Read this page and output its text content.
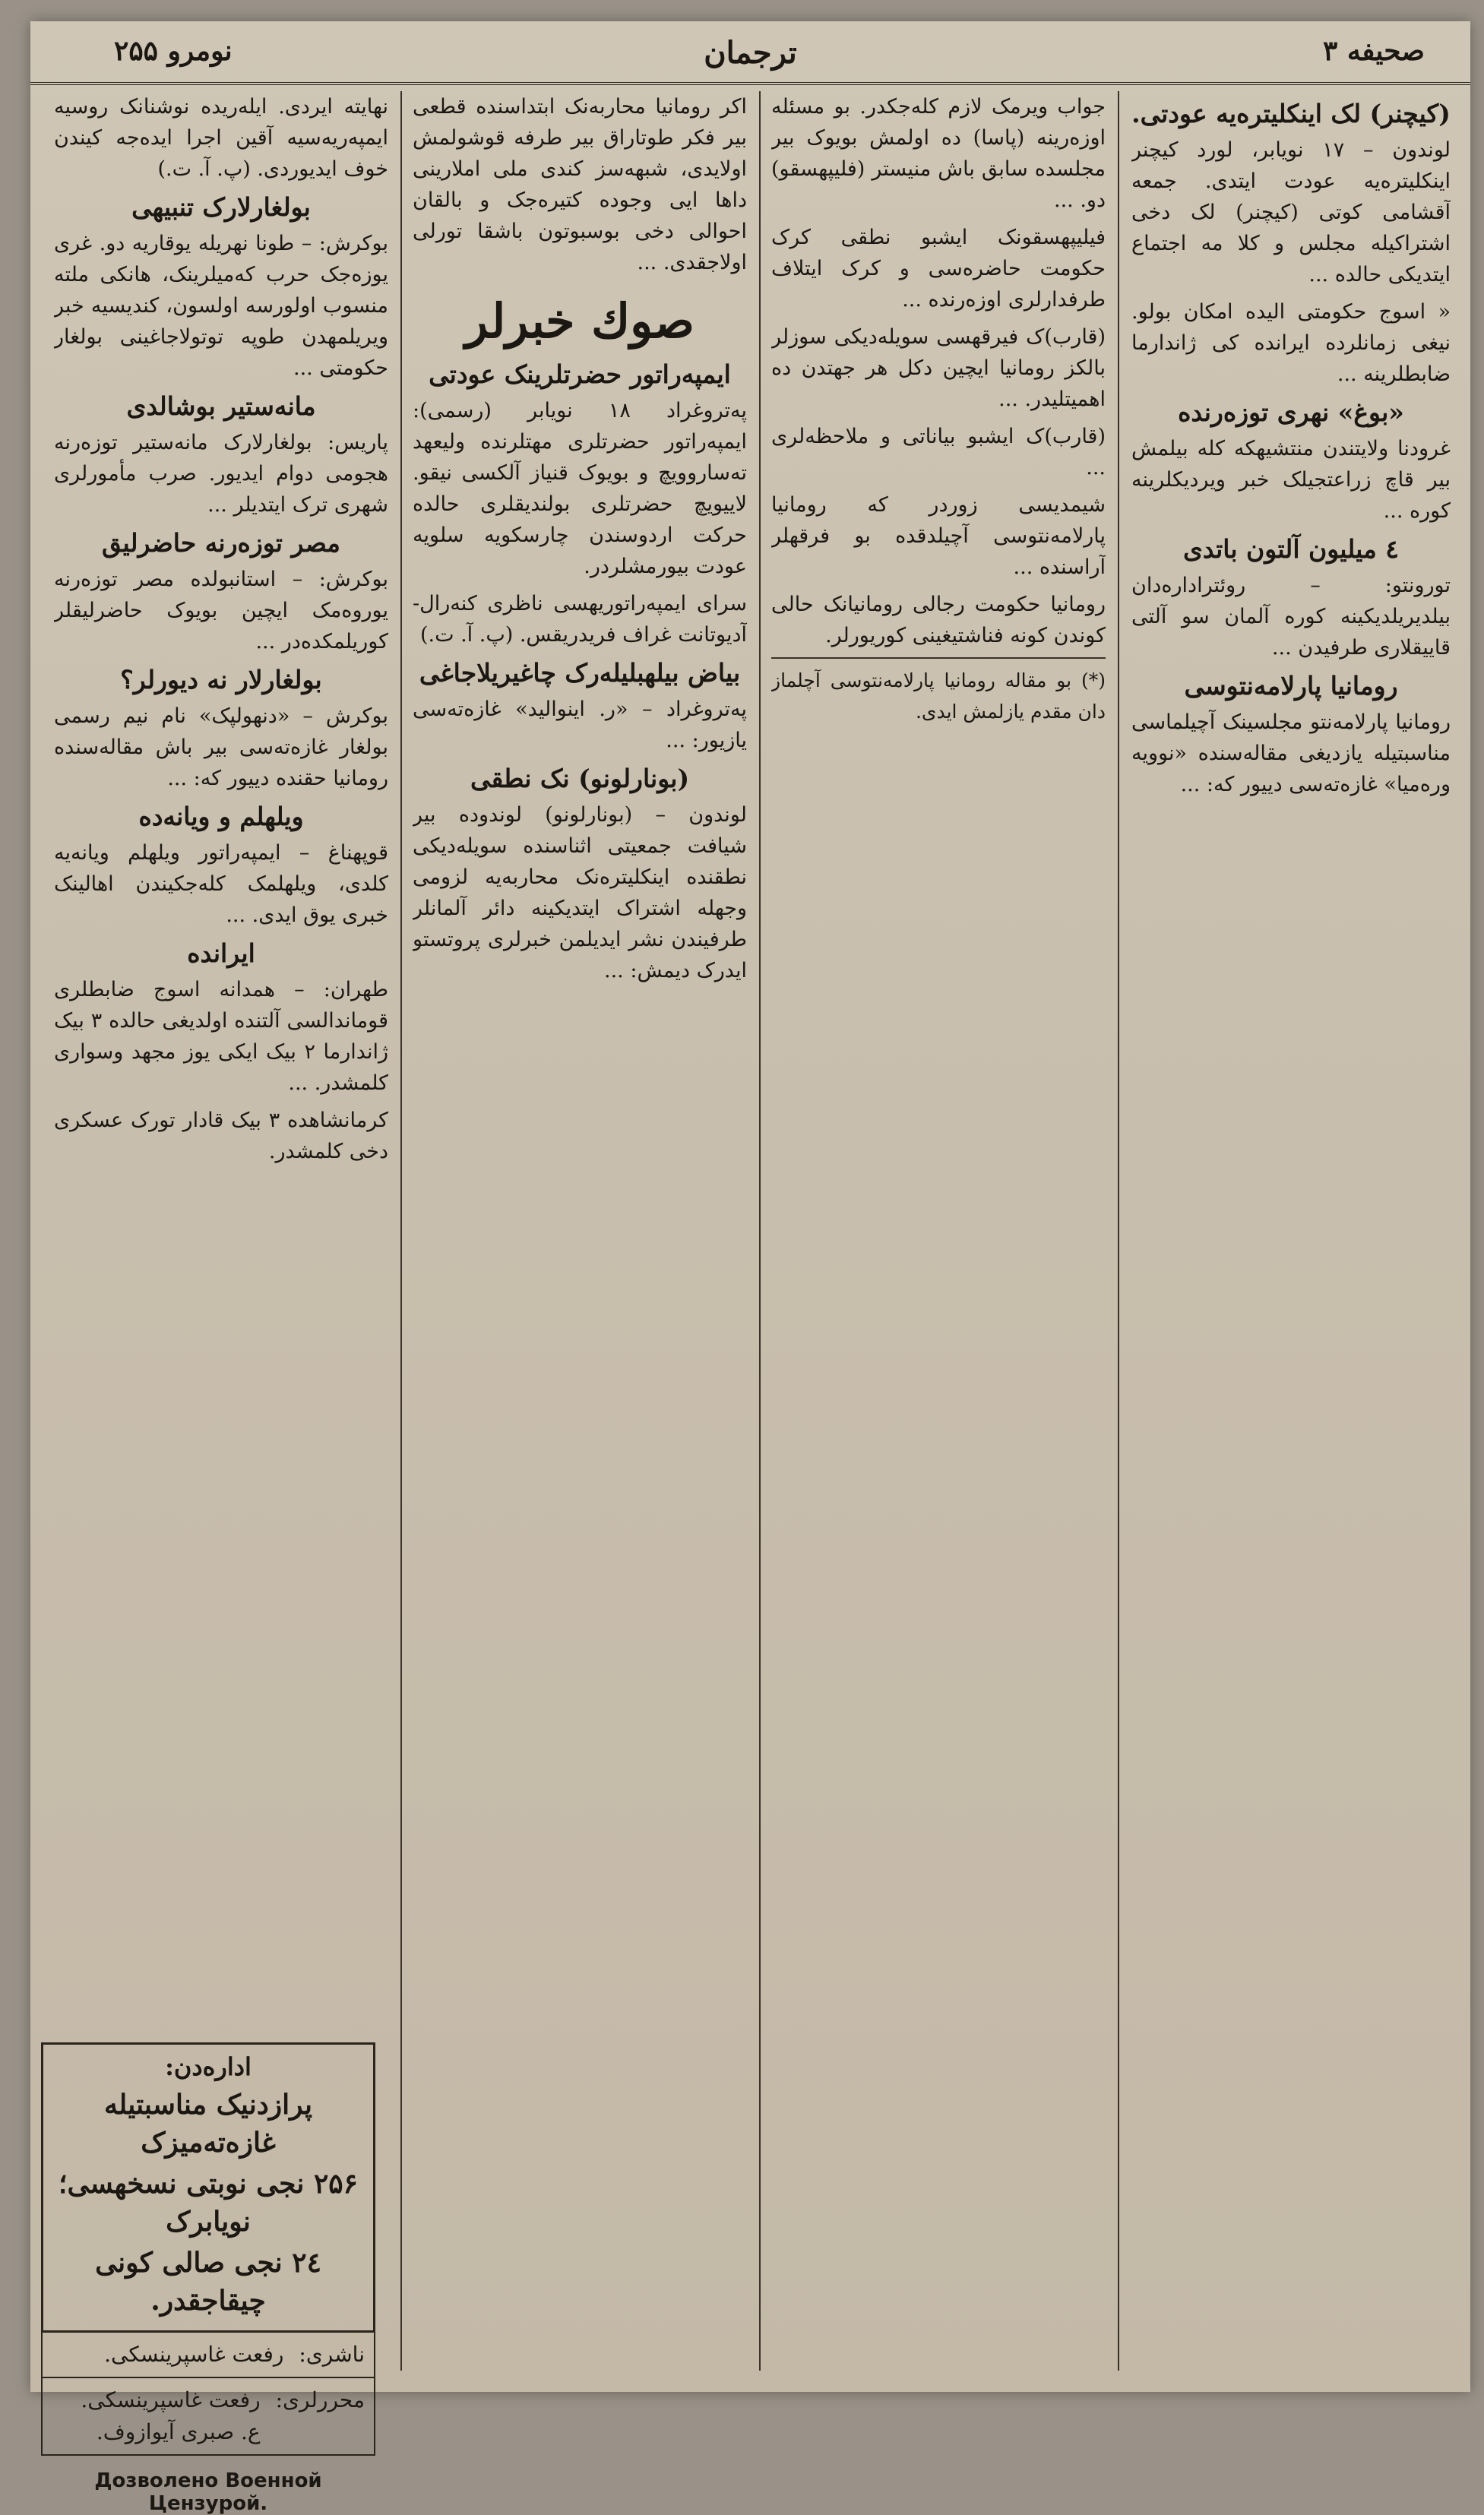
صحیفه ۳
ترجمان
نومرو ۲۵۵
(کیچنر) لک اینکلیترەیە عودتی.

لوندون – ۱۷ نویابر، لورد کیچنر اینکلیترەیە عودت ایتدی. جمعه آقشامی کوتی (کیچنر) لک دخی اشتراکیله مجلس و کلا مه اجتماع ایتدیکی حالده ...

« اسوج حکومتی الیده امکان بولو. نیغی زمانلرده ایرانده کی ژاندارما ضابطلرینه ...

«بوغ» نهری توزەرنده

غرودنا ولایتندن منتشیهکه کله بیلمش بیر قاچ زراعتجیلک خبر ویردیکلرینه کوره ...

٤ میلیون آلتون باتدی

تورونتو: – روئترادارەدان بیلدیریلدیکینه کوره آلمان سو آلتی قاییقلاری طرفیدن ...

رومانیا پارلامەنتوسی

رومانیا پارلامەنتو مجلسینک آچیلماسی مناسبتیله یازدیغی مقالەسنده «نوویه ورەمیا» غازەتەسی دییور که: ...

جواب ویرمک لازم کلەجکدر. بو مسئله اوزەرینه (پاسا) ده اولمش بویوک بیر مجلسده سابق باش منیستر (فلیپهسقو) دو. ...

فیلیپهسقونک ایشبو نطقی کرک حکومت حاضرەسی و کرک ایتلاف طرفدارلری اوزەرنده ...

(قارب)ک فیرقهسی سویلەدیکی سوزلر بالکز رومانیا ایچین دکل هر جهتدن ده اهمیتلیدر. ...

(قارب)ک ایشبو بیاناتی و ملاحظەلری ...

شیمدیسی زوردر که رومانیا پارلامەنتوسی آچیلدقده بو فرقهلر آراسنده ...

رومانیا حکومت رجالی رومانیانک حالی کوندن کونه فناشتیغینی کوریورلر.

(*) بو مقاله رومانیا پارلامەنتوسی آچلماز دان مقدم یازلمش ایدی.

اکر رومانیا محاربەنک ابتداسنده قطعی بیر فکر طوتاراق بیر طرفه قوشولمش اولایدی، شبهەسز کندی ملی املارینی داها ایی وجوده کتیرەجک و بالقان احوالی دخی بوسبوتون باشقا تورلی اولاجقدی. ...

صوك خبرلر
ایمپەراتور حضرتلرینک عودتی

پەتروغراد ۱۸ نویابر (رسمی): ایمپەراتور حضرتلری مهتلرندە ولیعهد تەساروویچ و بویوک قنیاز آلکسی نیقو. لاییویچ حضرتلری بولندیقلری حالده حرکت اردوسندن چارسکویه سلویه عودت بیورمشلردر.

سرای ایمپەراتوریهسی ناظری کنەرال-آدیوتانت غراف فریدریقس. (پ. آ. ت.)

بیاض بیلهبلیلەرک چاغیریلاجاغی

پەتروغراد – «ر. اینوالید» غازەتەسی یازیور: ...

(بونارلونو) نک نطقی

لوندون – (بونارلونو) لوندوده بیر شیافت جمعیتی اثناسنده سویلەدیکی نطقنده اینکلیترەنک محاربەیه لزومی وجهله اشتراک ایتدیکینه دائر آلمانلر طرفیندن نشر ایدیلمن خبرلری پروتستو ایدرک دیمش: ...

نهایته ایردی. ایلەریده نوشنانک روسیه ایمپەریەسیه آقین اجرا ایدەجه کیندن خوف ایدیوردی. (پ. آ. ت.)

بولغارلارک تنبیهی

بوکرش: – طونا نهریله یوقاریه دو. غری یوزەجک حرب کەمیلرینک، هانکی ملته منسوب اولورسه اولسون، کندیسیه خبر ویریلمهدن طوپه توتولاجاغینی بولغار حکومتی ...

مانەستیر بوشالدی

پاریس: بولغارلارک مانەستیر توزەرنه هجومی دوام ایدیور. صرب مأمورلری شهری ترک ایتدیلر ...

مصر توزەرنه حاضرلیق

بوکرش: – استانبولده مصر توزەرنه یوروەمک ایچین بویوک حاضرلیقلر کوریلمکدەدر ...

بولغارلار نه دیورلر؟

بوکرش – «دنهولپک» نام نیم رسمی بولغار غازەتەسی بیر باش مقالەسنده رومانیا حقنده دییور که: ...

ویلهلم و ویانەده

قوپهناغ – ایمپەراتور ویلهلم ویانەیه کلدی، ویلهلمک کلەجکیندن اهالینک خبری یوق ایدی. ...

ایرانده

طهران: – همدانه اسوج ضابطلری قوماندالسی آلتنده اولدیغی حالده ۳ بیک ژاندارما ۲ بیک ایکی یوز مجهد وسواری کلمشدر. ...

کرمانشاهده ۳ بیک قادار تورک عسکری دخی کلمشدر.

ادارەدن:
پرازدنیک مناسبتیله غازەتەمیزک
۲۵۶ نجی نوبتی نسخهسی؛ نویابرک
۲٤ نجی صالی کونی چیقاجقدر.
ناشری:
رفعت غاسپرینسکی.
محرر‌لری:
رفعت غاسپرینسکی.
ع. صبری آیواز‌وف.
Дозволено Военной Цензурой.
